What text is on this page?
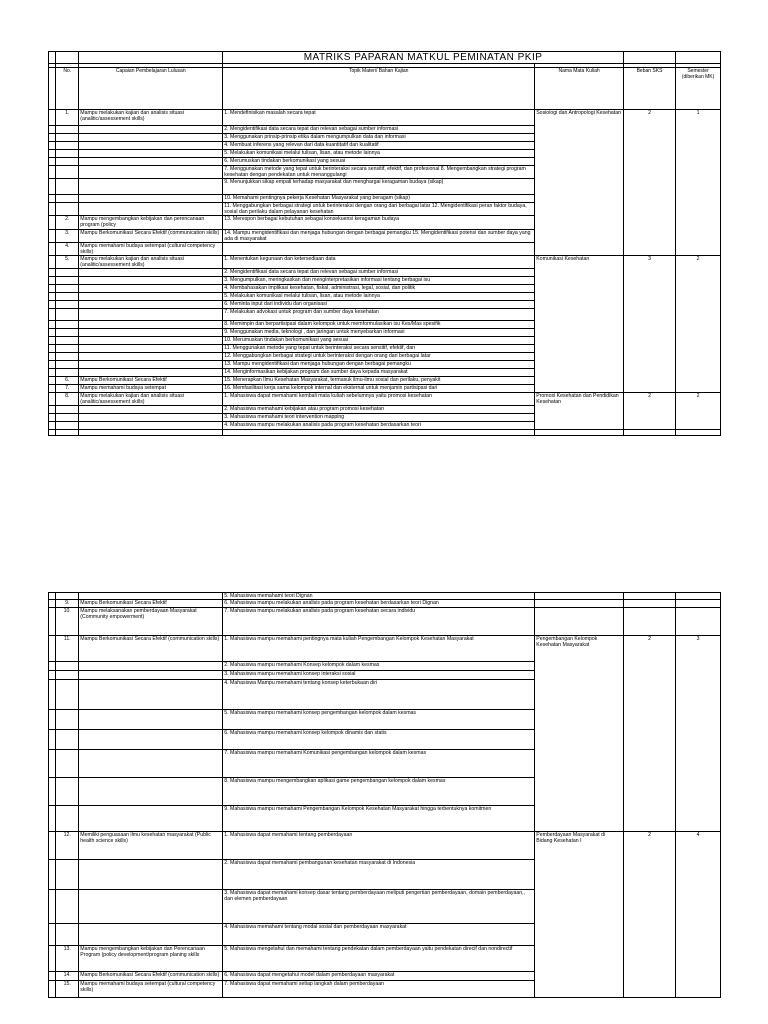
			MATRIKS PAPARAN MATKUL PEMINATAN PKIP			

	No.	Capaian Pembelajaran Lulusan	Topik Materi/ Bahan Kajian	Nama Mata Kuliah	Beban SKS	Semester (diberikan MK)
	1.	Mampu melakukan kajian dan analisis situasi (analitic/assessement skills)	1. Mendefinisikan masalah secara tepat	Sosiologi dan Antropologi Kesehatan	2	1
			2. Mengidentifikasi data secara tepat dan relevan sebagai sumber informasi			
			3. Menggunakan prinsip-prinsip etika dalam mengumpulkan data dan informasi			
			4. Membuat inferens yang relevan dari data kuantitatif dan kualitatif			
			5. Melakukan komunikasi melalui tulisan, lisan, atau metode lainnya			
			6. Merumuskan tindakan berkomunikasi yang sesuai			
			7. Menggunakan metode yang tepat untuk berinteraksi secara sensitif, efektif, dan profesional 8. Mengembangkan strategi program kesehatan dengan pendekatan untuk menanggulangi			
			9. Menunjukkan sikap empati terhadap masyarakat dan menghargai keragaman budaya (sikap)			
			10. Memahami pentingnya pekerja Kesehatan Masyarakat yang beragam (sikap)			
			11. Menggabungkan berbagai strategi untuk berinteraksi dengan orang dari berbagai latar 12. Mengidentifikasi peran faktor budaya, sosial dan perilaku dalam pelayanan kesehatan			
	2.	Mampu mengembangkan kebijakan dan perencanaan program (policy	13. Merespon berbagai kebutuhan sebagai konsekuensi keragaman budaya			
	3.	Mampu Berkomunikasi Secara Efektif (communication skills)	14. Mampu mengidentifikasi dan menjaga hubungan dengan berbagai pemangku 15. Mengidentifikasi potensi dan sumber daya yang ada di masyarakat			
	4.	Mampu memahami budaya setempat (cultural competency skills)				
	5.	Mampu melakukan kajian dan analisis situasi (analitic/assessement skills)	1. Menentukan kegunaan dan ketersediaan data	Komunikasi Kesehatan	3	2
			2. Mengidentifikasi data secara tepat dan relevan sebagai sumber informasi			
			3. Mengumpulkan, meringkaskan dan menginterpretasikan informasi tentang berbagai isu			
			4. Membahasakan implikasi kesehatan, fiskal, administrasi, legal, sosial, dan politik			
			5. Melakukan komunikasi melalui tulisan, lisan, atau metode lainnya			
			6. Meminta input dari individu dan organisasi			
			7. Melakukan advokasi untuk program dan sumber daya kesehatan			
			8. Memimpin dan berpartisipasi dalam kelompok untuk memformulasikan isu Kes/Mas spesifik			
			9. Menggunakan media, teknologi , dan jaringan untuk menyebarkan informasi			
			10. Merumuskan tindakan berkomunikasi yang sesuai			
			11. Menggunakan metode yang tepat untuk berinteraksi secara sensitif, efektif, dan			
			12. Menggabungkan berbagai strategi untuk berinteraksi dengan orang dari berbagai latar			
			13. Mampu mengidentifikasi dan menjaga hubungan dengan berbagai pemangku			
			14. Menginformasikan kebijakan program dan sumber daya kepada masyarakat			
	6.	Mampu Berkomunikasi Secara Efektif	15. Menerapkan Ilmu Kesehatan Masyarakat, termasuk ilmu-ilmu sosial dan perilaku, penyakit			
	7.	Mampu memahami budaya setempat	16. Memfasilitasi kerja sama kelompok internal dan eksternal untuk menjamin partisipasi dari			
	8.	Mampu melakukan kajian dan analisis situasi (analitic/assessement skills)	1. Mahasiswa dapat memahami kembali mata kuliah sebelumnya yaitu promosi kesehatan	Promosi Kesehatan dan Pendidikan Kesehatan	2	2
			2. Mahasiswa memahami kebijakan atau program promosi kesehatan			
			3. Mahasiswa memahami teori intervention mapping			
			4. Mahasiswa mampu melakukan analisis pada program kesehatan berdasarkan teori			

			5. Mahasiswa memahami teori Dignan			
	9.	Mampu Berkomunikasi Secara Efektif	6. Mahasiswa mampu melakukan analisis pada program kesehatan berdasarkan teori Dignan			
	10.	Mampu melaksanakan pemberdayaan Masyarakat (Community empowerment)	7. Mahasiswa mampu melakukan analisis pada program kesehatan secara individu			
	11.	Mampu Berkomunikasi Secara Efektif (communication skills)	1. Mahasiswa mampu memahami pentingnya mata kuliah Pengembangan Kelompok Kesehatan Masyarakat	Pengembangan Kelompok Kesehatan Masyarakat	2	3
			2. Mahasiswa mampu memahami Konsep kelompok dalam kesmas			
			3. Mahasiswa mampu memahami konsep interaksi sosial			
			4. Mahasiswa Mampu memahami tentang konsep keterbukaan diri			
			5. Mahasiswa mampu memahami konsep pengembangan kelompok dalam kesmas			
			6. Mahasiswa mampu memahami konsep kelompok dinamis dan statis			
			7. Mahasiswa mampu memahami Komunikasi pengembangan kelompok dalam kesmas			
			8. Mahasiswa mampu mengembangkan aplikasi game pengembangan kelompok dalam kesmas			
			9. Mahasiswa mampu memahami Pengembangan Kelompok Kesehatan Masyarakat hingga terbentuknya komitmen			
	12.	Memiliki penguasaan ilmu kesehatan masyarakat (Public health science skills)	1. Mahasiswa dapat memahami tentang pemberdayaan	Pemberdayaan Masyarakat di Bidang Kesehatan I	2	4
			2. Mahasiswa dapat memahami pembangunan kesehatan masyarakat di Indonesia			
			3. Mahasiswa dapat memahami konsep dasar tentang pemberdayaan meliputi pengertian pemberdayaan, domain pemberdayaan,, dan elemen pemberdayaan			
			4. Mahasiswa memahami tentang modal sosial dan pemberdayaan masyarakat			
	13.	Mampu mengembangkan kebijakan dan Perencanaan Program (policy development/program planing skills	5. Mahasiswa mengetahui dan memahami tentang pendekatan dalam pemberdayaan yaitu pendekatan direcif dan nondirectif			
	14.	Mampu Berkomunikasi Secara Efektif (communication skills)	6. Mahasiswa dapat mengetahui model dalam pemberdayaan masyarakat			
	15.	Mampu memahami budaya setempat (cultural competency skills)	7. Mahasiswa dapat memahami setiap langkah dalam pemberdayaan			
